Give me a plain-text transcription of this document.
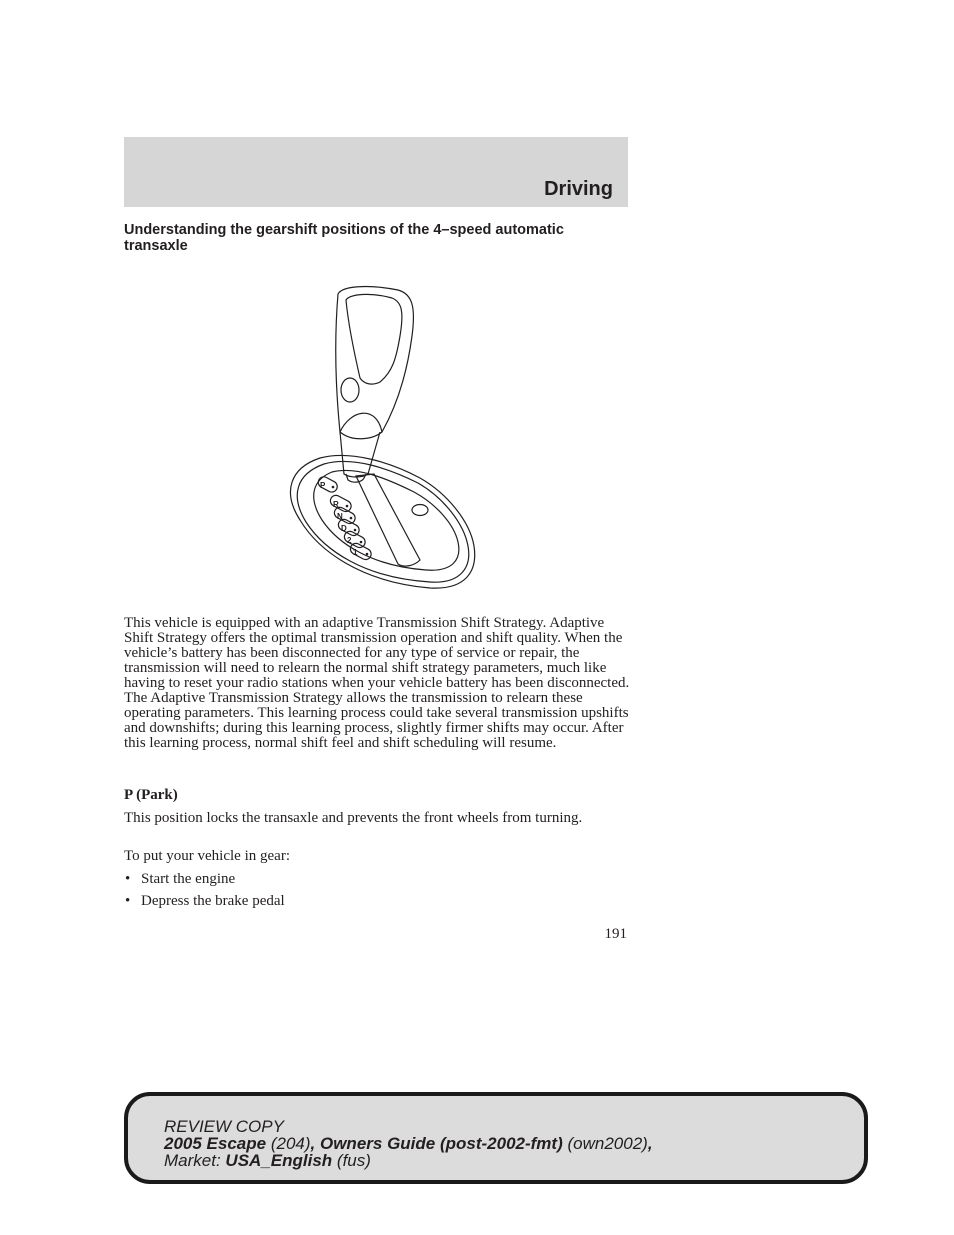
Driving
Understanding the gearshift positions of the 4–speed automatic transaxle
P
R
N
D
2
1

This vehicle is equipped with an adaptive Transmission Shift Strategy. Adaptive Shift Strategy offers the optimal transmission operation and shift quality. When the vehicle’s battery has been disconnected for any type of service or repair, the transmission will need to relearn the normal shift strategy parameters, much like having to reset your radio stations when your vehicle battery has been disconnected. The Adaptive Transmission Strategy allows the transmission to relearn these operating parameters. This learning process could take several transmission upshifts and downshifts; during this learning process, slightly firmer shifts may occur. After this learning process, normal shift feel and shift scheduling will resume.

P (Park)

This position locks the transaxle and prevents the front wheels from turning.

To put your vehicle in gear:

• Start the engine
• Depress the brake pedal
191
REVIEW COPY
2005 Escape (204), Owners Guide (post-2002-fmt) (own2002),
Market: USA_English (fus)
